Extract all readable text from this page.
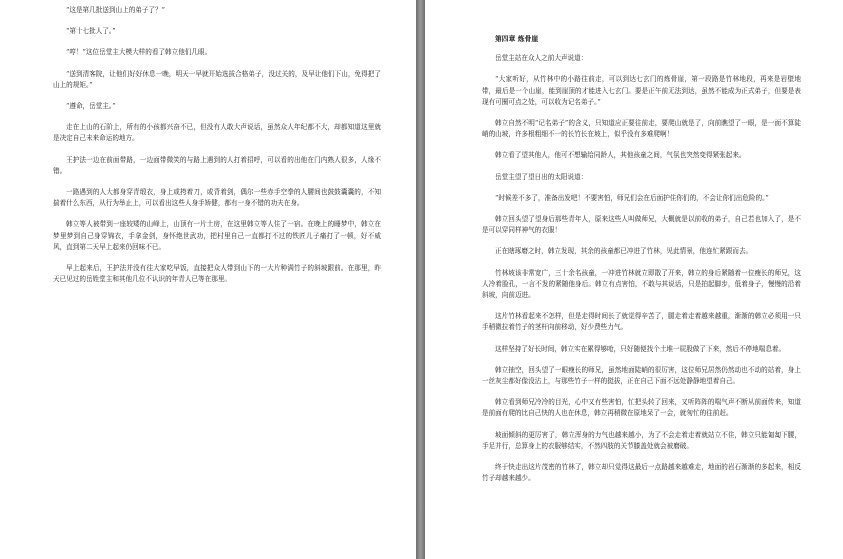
“这是第几批送到山上的弟子了？”

“第十七批人了。”

“哼！”这位岳堂主大模大样的看了韩立他们几眼。

“送到清客院，让他们好好休息一晚，明天一早就开始选拔合格弟子，没过关的，及早让他们下山，免得把了山上的规矩。”

“遵命，岳堂主。”

走在上山的石阶上，所有的小孩都兴奋不已，但没有人敢大声说话，虽然众人年纪都不大，却都知道这里就是决定自己未来命运的地方。

王护法一边在前面带路，一边面带微笑的与路上遇到的人打着招呼，可以看的出他在门内熟人很多，人缘不错。

一路遇到的人大都身穿青缎衣，身上或挎着刀，或背着剑，偶尔一些赤手空拳的人腰间也鼓鼓囊囊的，不知揣着什么东西，从行为举止上，可以看出这些人身手矫健，都有一身不错的功夫在身。

韩立等人被带到一座较矮的山峰上，山顶有一片土房，在这里韩立等人住了一宿。在晚上的睡梦中，韩立在梦里梦到自己身穿锦衣，手拿金剑，身怀绝世武功，把村里自己一直都打不过的铁匠儿子痛打了一顿，好不威风，直到第二天早上起来仍回味不已。

早上起来后，王护法并没有往大家吃早饭，直接把众人带到山下的一大片种满竹子的斜坡跟前。在那里，昨天已见过的岳姓堂主和其他几位不认识的年青人已等在那里。

第四章 炼骨崖

岳堂主站在众人之前大声说道：

“大家听好，从竹林中的小路往前走，可以到达七玄门的炼骨崖，第一段路是竹林地段，再来是岩壁地带，最后是一个山崖，能到崖顶的才能进入七玄门。要是正午前无法到达，虽然不能成为正式弟子，但要是表现有可圈可点之处，可以收为记名弟子。”

韩立自然不明“记名弟子”的含义，只知道应正要往前走，要爬山就是了，向前瞧望了一眼，是一面不算陡峭的山坡，许多根粗细不一的长竹长在坡上，似乎没有多难爬啊！

韩立看了望其他人，他可不想输给同龄人，其他孩童之间，气氛也突然变得紧张起来。

岳堂主望了望日出的太阳说道：

“时候差不多了，准备出发吧！不要害怕，师兄们会在后面护住你们的，不会让你们出危险的。”

韩立回头望了望身后那些青年人，原来这些人叫做师兄，大概就是以前收的弟子，自己若也加入了，是不是可以穿同样神气的衣服！

正在瞎琢磨之时，韩立发现，其余的孩童都已冲进了竹林，见此情景，他连忙紧跟而去。

竹林坡该非常宽广，三十余名孩童，一冲进竹林就立即散了开来，韩立的身后紧随着一位瘦长的师兄，这人冷着脸孔，一言不发的紧随他身后。韩立有点害怕，不敢与其说话，只是拍起脚步，低着身子，慢慢的沿着斜坡，向前迈进。

这片竹林看起来不怎样，但是走得时间长了就觉得辛苦了，腿走着走着越来越重，渐渐的韩立必须用一只手稍微拉着竹子的茎杆向前移动，好少费些力气。

这样坚持了好长时间，韩立实在累得够呛，只好随便找个土堆一屁股做了下来，然后不停地喘息着。

韩立抽空，回头望了一眼瘦长的师兄，虽然地面陡峭的很厉害，这位师兄居然仍然动也不动的站着，身上一丝灰尘都好像没沾上，与那些竹子一样的挺拔，正在自己下面不远处静静地望着自己。

韩立看到师兄冷冷的目光，心中又有些害怕，忙把头转了回来，又听阵阵的喘气声不断从前面传来，知道是前面有爬的比自己快的人也在休息，韩立再稍微在原地呆了一会，就匆忙的往前赶。

坡面倾斜的更厉害了，韩立浑身的力气也越来越小，为了不会走着走着就站立不住，韩立只能匍匐下腰，手足并行，总算身上的衣服够结实，不然四肢的关节膝盖处就会被磨破。

终于快走出这片茂密的竹林了，韩立却只觉得这最后一点路越来越难走，地面的岩石渐渐的多起来，相反竹子却越来越少。
